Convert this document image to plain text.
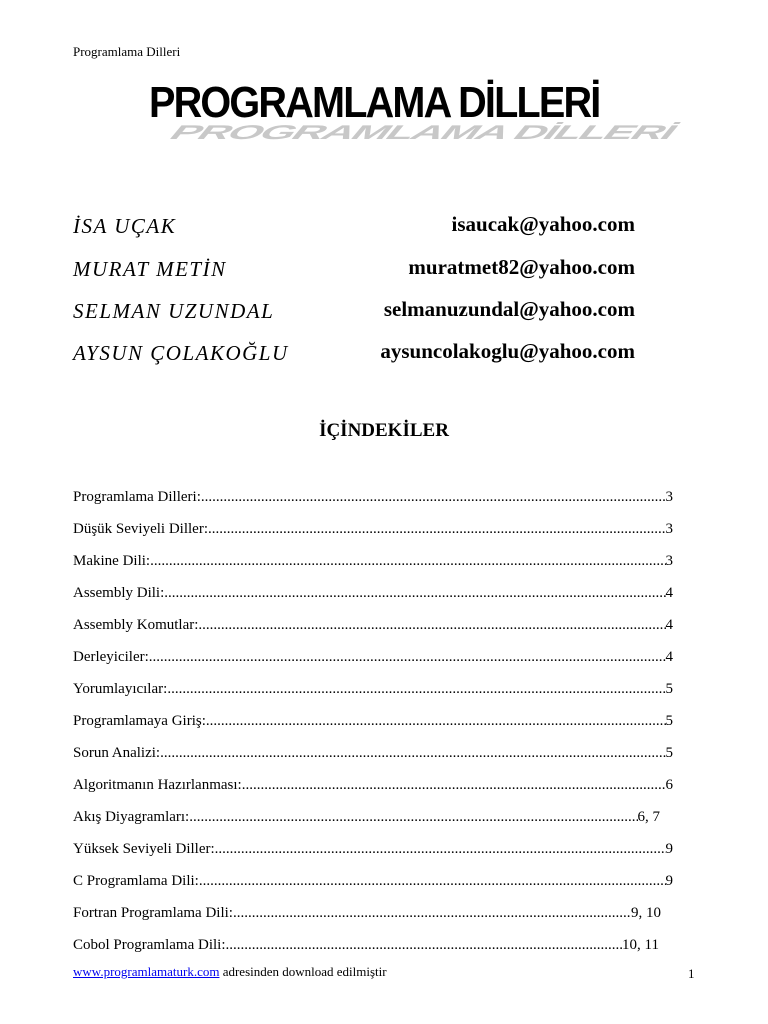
Programlama Dilleri
PROGRAMLAMA DİLLERİ
PROGRAMLAMA DİLLERİ
İSA UÇAK	isaucak@yahoo.com
MURAT METİN	muratmet82@yahoo.com
SELMAN UZUNDAL	selmanuzundal@yahoo.com
AYSUN ÇOLAKOĞLU	aysuncolakoglu@yahoo.com
İÇİNDEKİLER
Programlama Dilleri: .....	3
Düşük Seviyeli Diller: .....	3
Makine Dili: .....	3
Assembly Dili: .....	4
Assembly Komutlar: .....	4
Derleyiciler: .....	4
Yorumlayıcılar: .....	5
Programlamaya Giriş: .....	5
Sorun Analizi: .....	5
Algoritmanın Hazırlanması: .....	6
Akış Diyagramları: .....	6, 7
Yüksek Seviyeli Diller: .....	9
C Programlama Dili: .....	9
Fortran Programlama Dili: .....	9, 10
Cobol Programlama Dili: .....	10, 11
www.programlamaturk.com adresinden download edilmiştir	1
